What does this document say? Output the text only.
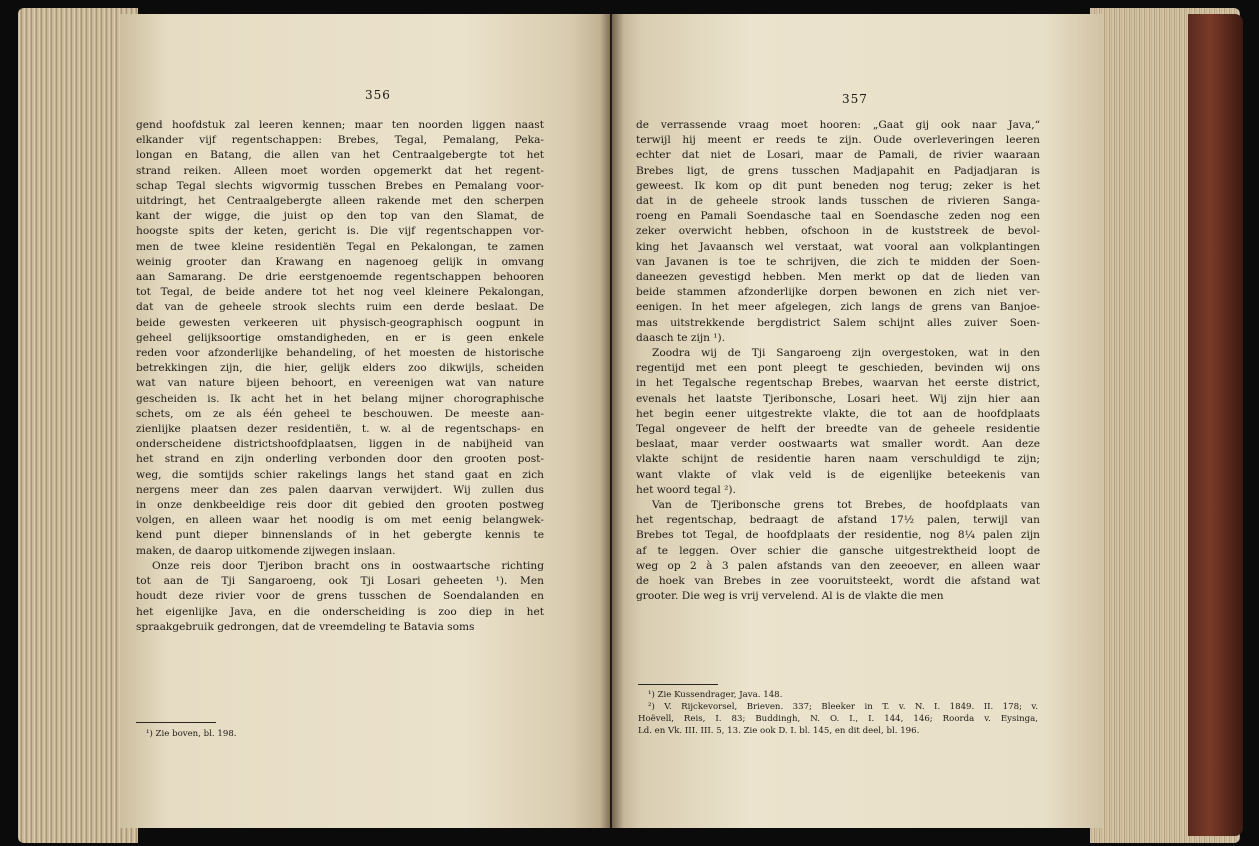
356
gend hoofdstuk zal leeren kennen; maar ten noorden liggen naast
elkander vijf regentschappen: Brebes, Tegal, Pemalang, Peka-
longan en Batang, die allen van het Centraalgebergte tot het
strand reiken. Alleen moet worden opgemerkt dat het regent-
schap Tegal slechts wigvormig tusschen Brebes en Pemalang voor-
uitdringt, het Centraalgebergte alleen rakende met den scherpen
kant der wigge, die juist op den top van den Slamat, de
hoogste spits der keten, gericht is. Die vijf regentschappen vor-
men de twee kleine residentiën Tegal en Pekalongan, te zamen
weinig grooter dan Krawang en nagenoeg gelijk in omvang
aan Samarang. De drie eerstgenoemde regentschappen behooren
tot Tegal, de beide andere tot het nog veel kleinere Pekalongan,
dat van de geheele strook slechts ruim een derde beslaat. De
beide gewesten verkeeren uit physisch-geographisch oogpunt in
geheel gelijksoortige omstandigheden, en er is geen enkele
reden voor afzonderlijke behandeling, of het moesten de historische
betrekkingen zijn, die hier, gelijk elders zoo dikwijls, scheiden
wat van nature bijeen behoort, en vereenigen wat van nature
gescheiden is. Ik acht het in het belang mijner chorographische
schets, om ze als één geheel te beschouwen. De meeste aan-
zienlijke plaatsen dezer residentiën, t. w. al de regentschaps- en
onderscheidene districtshoofdplaatsen, liggen in de nabijheid van
het strand en zijn onderling verbonden door den grooten post-
weg, die somtijds schier rakelings langs het stand gaat en zich
nergens meer dan zes palen daarvan verwijdert. Wij zullen dus
in onze denkbeeldige reis door dit gebied den grooten postweg
volgen, en alleen waar het noodig is om met eenig belangwek-
kend punt dieper binnenslands of in het gebergte kennis te
maken, de daarop uitkomende zijwegen inslaan.
Onze reis door Tjeribon bracht ons in oostwaartsche richting
tot aan de Tji Sangaroeng, ook Tji Losari geheeten ¹). Men
houdt deze rivier voor de grens tusschen de Soendalanden en
het eigenlijke Java, en die onderscheiding is zoo diep in het
spraakgebruik gedrongen, dat de vreemdeling te Batavia soms
¹) Zie boven, bl. 198.
357
de verrassende vraag moet hooren: „Gaat gij ook naar Java,“
terwijl hij meent er reeds te zijn. Oude overleveringen leeren
echter dat niet de Losari, maar de Pamali, de rivier waaraan
Brebes ligt, de grens tusschen Madjapahit en Padjadjaran is
geweest. Ik kom op dit punt beneden nog terug; zeker is het
dat in de geheele strook lands tusschen de rivieren Sanga-
roeng en Pamali Soendasche taal en Soendasche zeden nog een
zeker overwicht hebben, ofschoon in de kuststreek de bevol-
king het Javaansch wel verstaat, wat vooral aan volkplantingen
van Javanen is toe te schrijven, die zich te midden der Soen-
daneezen gevestigd hebben. Men merkt op dat de lieden van
beide stammen afzonderlijke dorpen bewonen en zich niet ver-
eenigen. In het meer afgelegen, zich langs de grens van Banjoe-
mas uitstrekkende bergdistrict Salem schijnt alles zuiver Soen-
daasch te zijn ¹).
Zoodra wij de Tji Sangaroeng zijn overgestoken, wat in den
regentijd met een pont pleegt te geschieden, bevinden wij ons
in het Tegalsche regentschap Brebes, waarvan het eerste district,
evenals het laatste Tjeribonsche, Losari heet. Wij zijn hier aan
het begin eener uitgestrekte vlakte, die tot aan de hoofdplaats
Tegal ongeveer de helft der breedte van de geheele residentie
beslaat, maar verder oostwaarts wat smaller wordt. Aan deze
vlakte schijnt de residentie haren naam verschuldigd te zijn;
want vlakte of vlak veld is de eigenlijke beteekenis van
het woord tegal ²).
Van de Tjeribonsche grens tot Brebes, de hoofdplaats van
het regentschap, bedraagt de afstand 17½ palen, terwijl van
Brebes tot Tegal, de hoofdplaats der residentie, nog 8¼ palen zijn
af te leggen. Over schier die gansche uitgestrektheid loopt de
weg op 2 à 3 palen afstands van den zeeoever, en alleen waar
de hoek van Brebes in zee vooruitsteekt, wordt die afstand wat
grooter. Die weg is vrij vervelend. Al is de vlakte die men
¹) Zie Kussendrager, Java. 148.
²) V. Rijckevorsel, Brieven. 337; Bleeker in T. v. N. I. 1849. II. 178; v.
Hoëvell, Reis, I. 83; Buddingh, N. O. I., I. 144, 146; Roorda v. Eysinga,
Ld. en Vk. III. III. 5, 13. Zie ook D. I. bl. 145, en dit deel, bl. 196.
